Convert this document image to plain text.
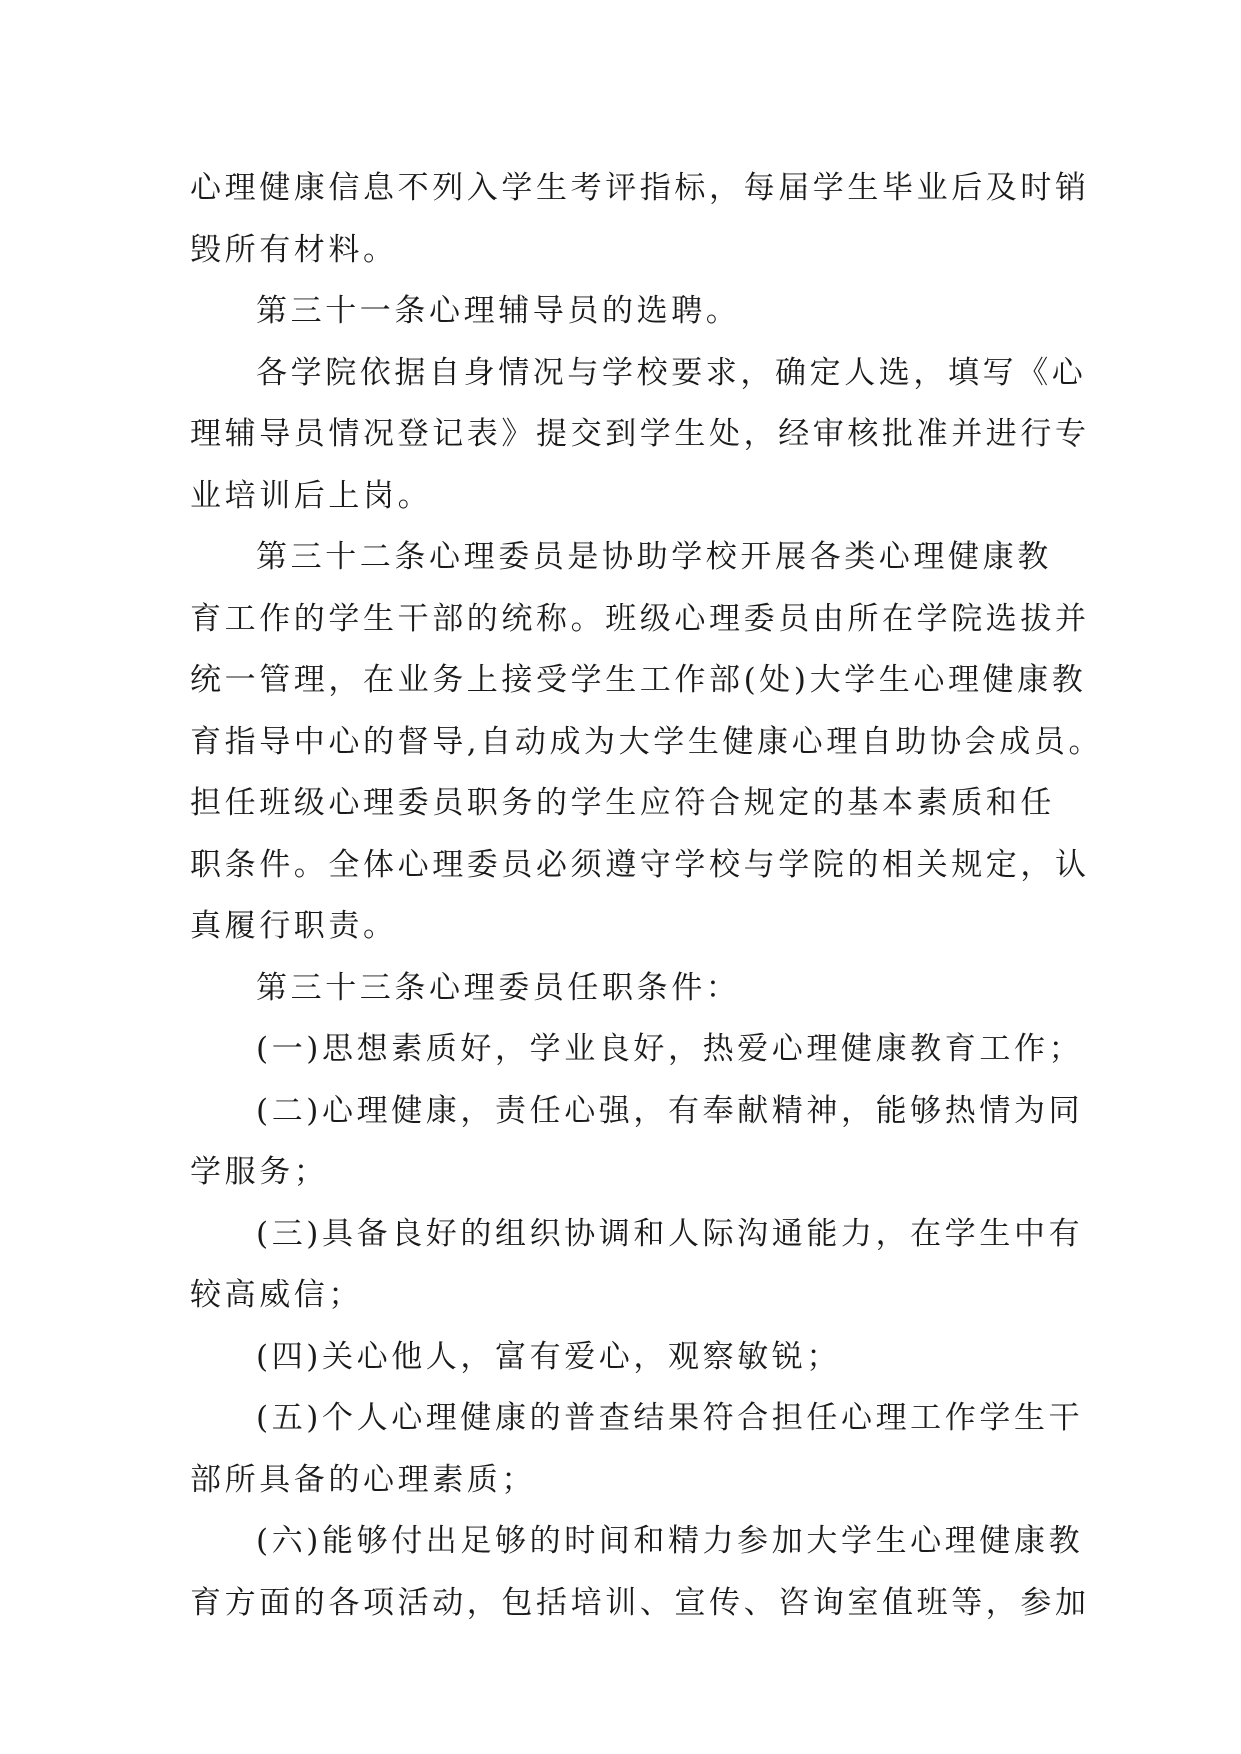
心理健康信息不列入学生考评指标，每届学生毕业后及时销
毁所有材料。
第三十一条心理辅导员的选聘。
各学院依据自身情况与学校要求，确定人选，填写《心
理辅导员情况登记表》提交到学生处，经审核批准并进行专
业培训后上岗。
第三十二条心理委员是协助学校开展各类心理健康教
育工作的学生干部的统称。班级心理委员由所在学院选拔并
统一管理，在业务上接受学生工作部(处)大学生心理健康教
育指导中心的督导,自动成为大学生健康心理自助协会成员。
担任班级心理委员职务的学生应符合规定的基本素质和任
职条件。全体心理委员必须遵守学校与学院的相关规定，认
真履行职责。
第三十三条心理委员任职条件：
(一)思想素质好，学业良好，热爱心理健康教育工作；
(二)心理健康，责任心强，有奉献精神，能够热情为同
学服务；
(三)具备良好的组织协调和人际沟通能力，在学生中有
较高威信；
(四)关心他人，富有爱心，观察敏锐；
(五)个人心理健康的普查结果符合担任心理工作学生干
部所具备的心理素质；
(六)能够付出足够的时间和精力参加大学生心理健康教
育方面的各项活动，包括培训、宣传、咨询室值班等，参加
